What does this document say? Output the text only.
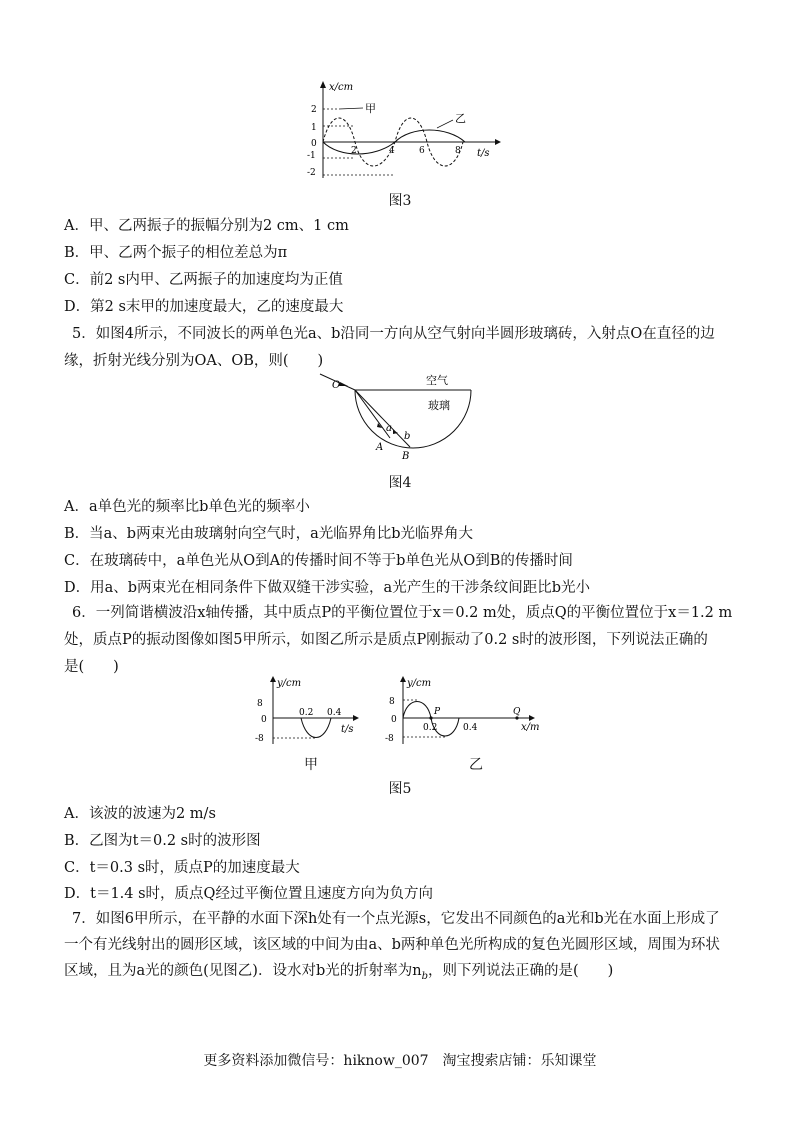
x/cm
t/s
2
1
0
-1
-2
2	4	6	8
甲
乙
图3
A．甲、乙两振子的振幅分别为2 cm、1 cm
B．甲、乙两个振子的相位差总为π
C．前2 s内甲、乙两振子的加速度均为正值
D．第2 s末甲的加速度最大，乙的速度最大
5．如图4所示，不同波长的两单色光a、b沿同一方向从空气射向半圆形玻璃砖，入射点O在直径的边
缘，折射光线分别为OA、OB，则(　　)
O	空气
玻璃
a
b
A
B
图4
A．a单色光的频率比b单色光的频率小
B．当a、b两束光由玻璃射向空气时，a光临界角比b光临界角大
C．在玻璃砖中，a单色光从O到A的传播时间不等于b单色光从O到B的传播时间
D．用a、b两束光在相同条件下做双缝干涉实验，a光产生的干涉条纹间距比b光小
6．一列简谐横波沿x轴传播，其中质点P的平衡位置位于x＝0.2 m处，质点Q的平衡位置位于x＝1.2 m
处，质点P的振动图像如图5甲所示，如图乙所示是质点P刚振动了0.2 s时的波形图，下列说法正确的
是(　　)
y/cm
8
0
-8
0.2 0.4
t/s
y/cm
8
0
-8
P
0.2	0.4
Q
x/m
甲	乙
图5
A．该波的波速为2 m/s
B．乙图为t＝0.2 s时的波形图
C．t＝0.3 s时，质点P的加速度最大
D．t＝1.4 s时，质点Q经过平衡位置且速度方向为负方向
7．如图6甲所示，在平静的水面下深h处有一个点光源s，它发出不同颜色的a光和b光在水面上形成了
一个有光线射出的圆形区域，该区域的中间为由a、b两种单色光所构成的复色光圆形区域，周围为环状
区域，且为a光的颜色(见图乙)．设水对b光的折射率为$n_b$，则下列说法正确的是(　　)
更多资料添加微信号：hiknow_007　淘宝搜索店铺：乐知课堂
